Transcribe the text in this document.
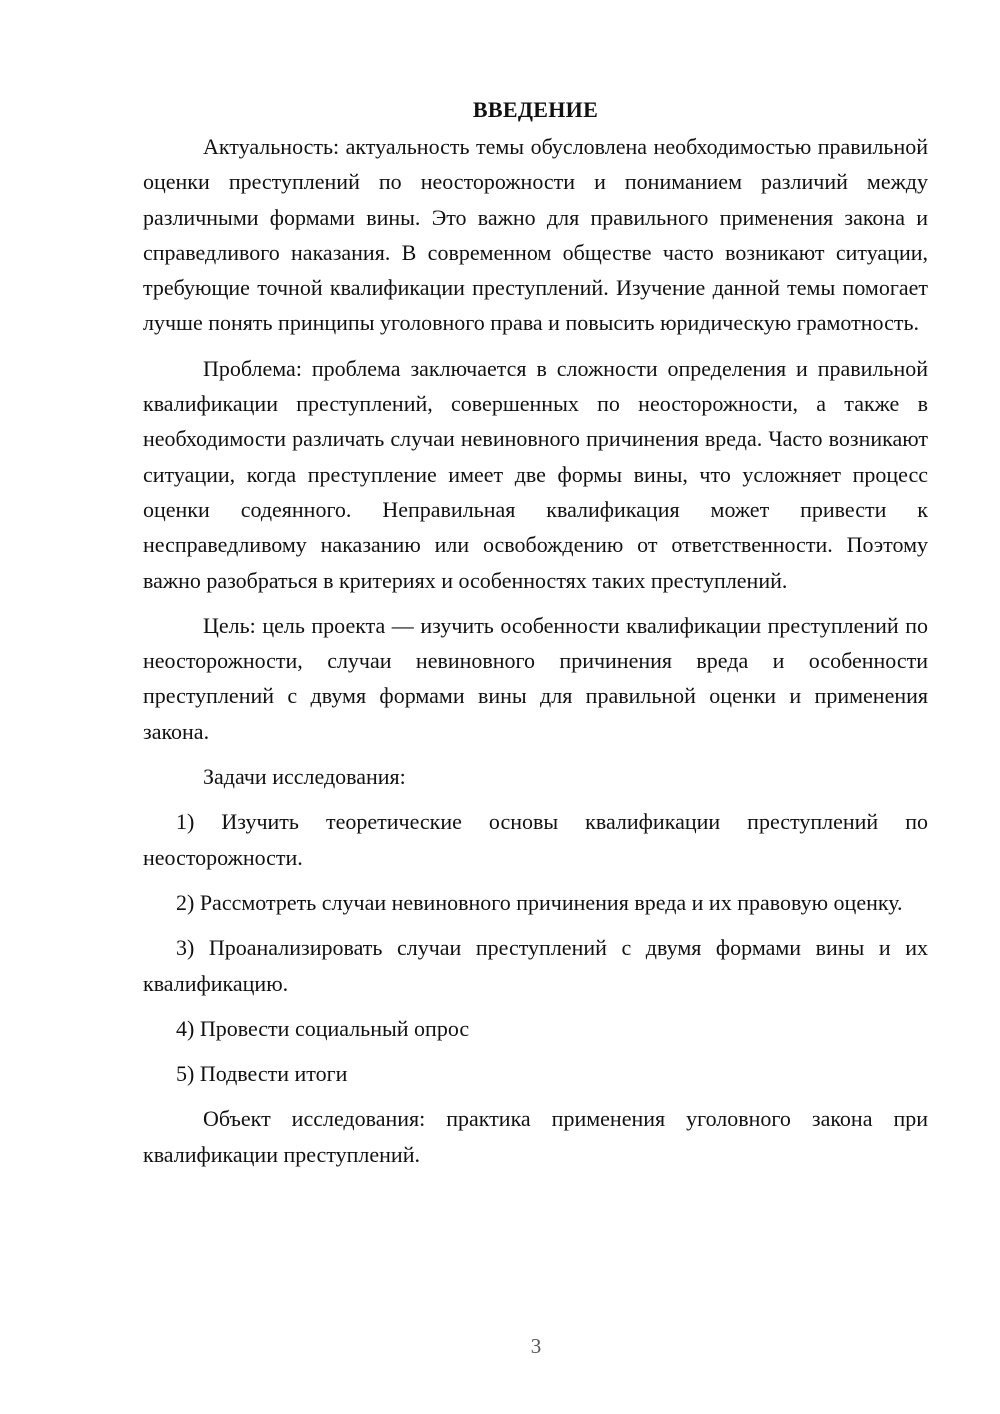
ВВЕДЕНИЕ

Актуальность: актуальность темы обусловлена необходимостью правильной оценки преступлений по неосторожности и пониманием различий между различными формами вины. Это важно для правильного применения закона и справедливого наказания. В современном обществе часто возникают ситуации, требующие точной квалификации преступлений. Изучение данной темы помогает лучше понять принципы уголовного права и повысить юридическую грамотность.

Проблема: проблема заключается в сложности определения и правильной квалификации преступлений, совершенных по неосторожности, а также в необходимости различать случаи невиновного причинения вреда. Часто возникают ситуации, когда преступление имеет две формы вины, что усложняет процесс оценки содеянного. Неправильная квалификация может привести к несправедливому наказанию или освобождению от ответственности. Поэтому важно разобраться в критериях и особенностях таких преступлений.

Цель: цель проекта — изучить особенности квалификации преступлений по неосторожности, случаи невиновного причинения вреда и особенности преступлений с двумя формами вины для правильной оценки и применения закона.

Задачи исследования:

1) Изучить теоретические основы квалификации преступлений по неосторожности.

2) Рассмотреть случаи невиновного причинения вреда и их правовую оценку.

3) Проанализировать случаи преступлений с двумя формами вины и их квалификацию.

4) Провести социальный опрос

5) Подвести итоги

Объект исследования: практика применения уголовного закона при квалификации преступлений.

3
